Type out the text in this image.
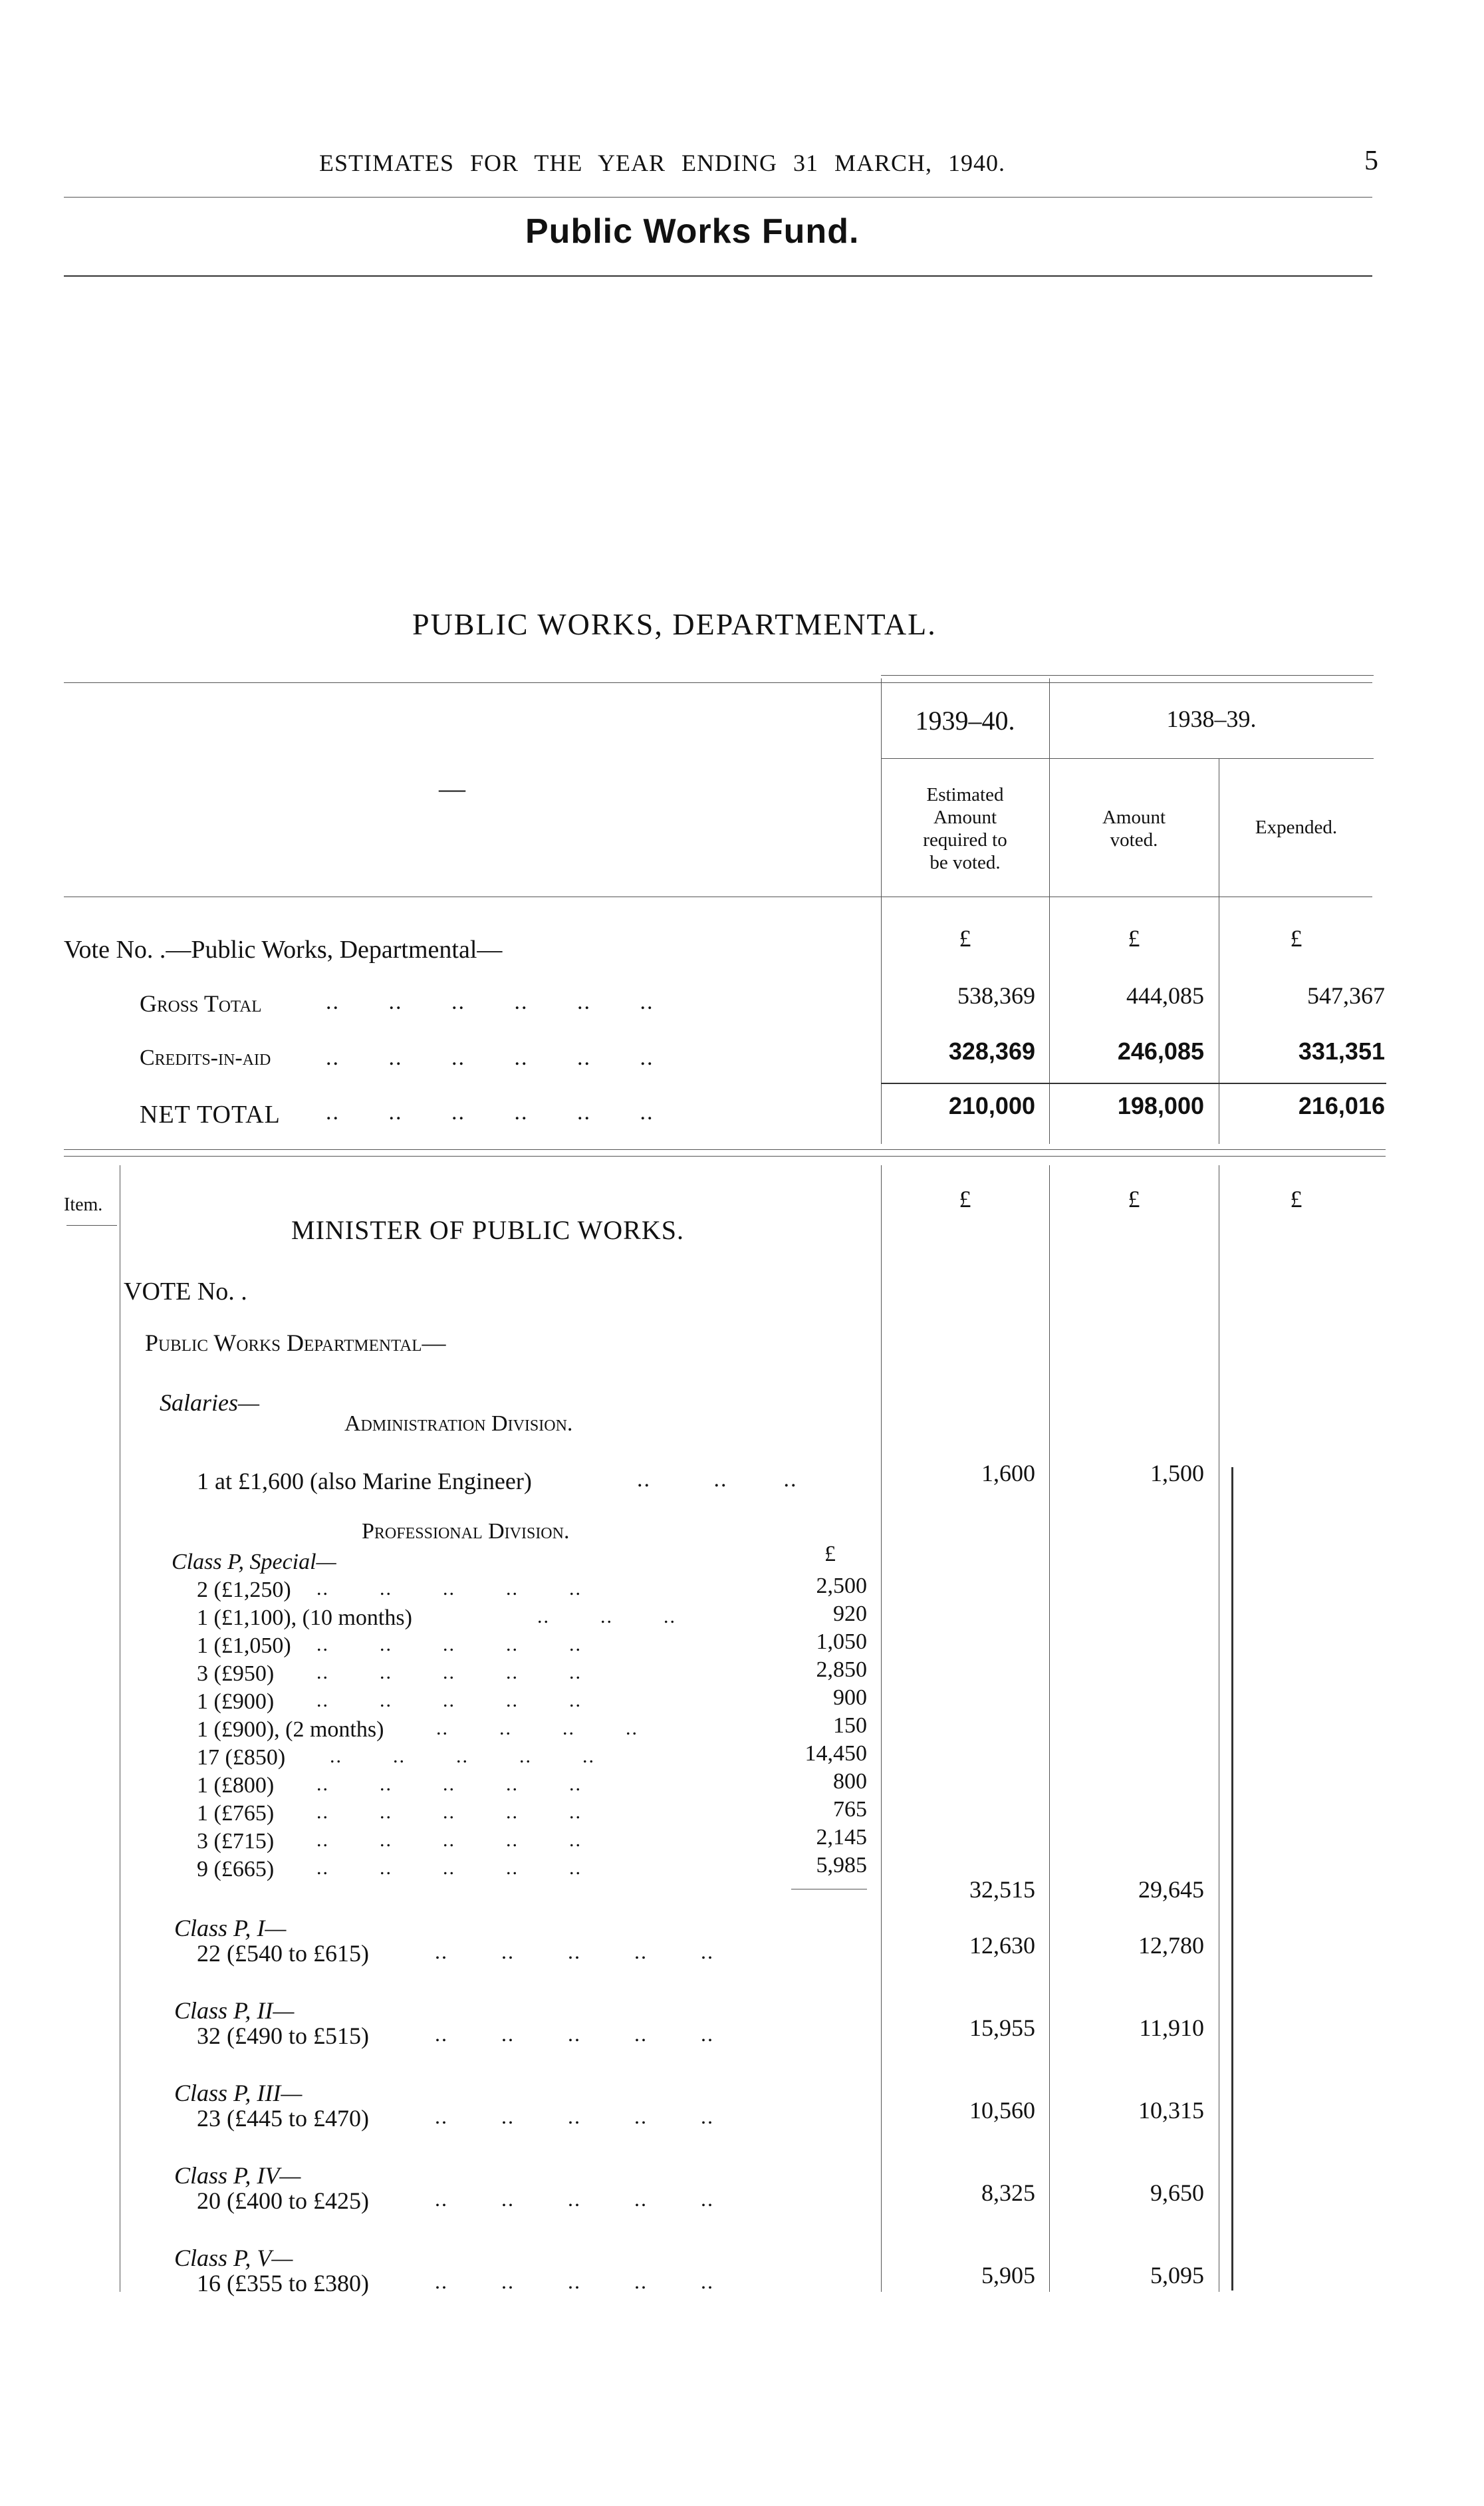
ESTIMATES FOR THE YEAR ENDING 31 MARCH, 1940.	5
Public Works Fund.
PUBLIC WORKS, DEPARTMENTAL.
—
1939–40.	1938–39.
Estimated
Amount
required to
be voted.
Amount
voted.
Expended.
Vote No. .—Public Works, Departmental—	£	£	£
Gross Total	..       ..       ..       ..       ..       ..	538,369	444,085	547,367
Credits-in-aid ..       ..       ..       ..       ..       ..	328,369	246,085	331,351
NET TOTAL ..       ..       ..       ..       ..       ..	210,000	198,000	216,016
Item.	£	£	£
MINISTER OF PUBLIC WORKS.
VOTE No. .
Public Works Departmental—
Salaries—
Administration Division.
1 at £1,600 (also Marine Engineer)	..         ..        ..	1,600	1,500
Professional Division.
Class P, Special—	£
2 (£1,250) ..        ..        ..        ..        ..	2,500
1 (£1,100), (10 months)	..        ..        ..	920
1 (£1,050) ..        ..        ..        ..        ..	1,050
3 (£950) ..        ..        ..        ..        ..	2,850
1 (£900) ..        ..        ..        ..        ..	900
1 (£900), (2 months)	..        ..        ..        ..	150
17 (£850) ..        ..        ..        ..        ..	14,450
1 (£800) ..        ..        ..        ..        ..	800
1 (£765) ..        ..        ..        ..        ..	765
3 (£715) ..        ..        ..        ..        ..	2,145
9 (£665) ..        ..        ..        ..        ..	5,985
32,515	29,645
Class P, I—
22 (£540 to £615)	..        ..        ..        ..        ..	12,630	12,780
Class P, II—
32 (£490 to £515)	..        ..        ..        ..        ..	15,955	11,910
Class P, III—
23 (£445 to £470)	..        ..        ..        ..        ..	10,560	10,315
Class P, IV—
20 (£400 to £425)	..        ..        ..        ..        ..	8,325	9,650
Class P, V—
16 (£355 to £380)	..        ..        ..        ..        ..	5,905	5,095
